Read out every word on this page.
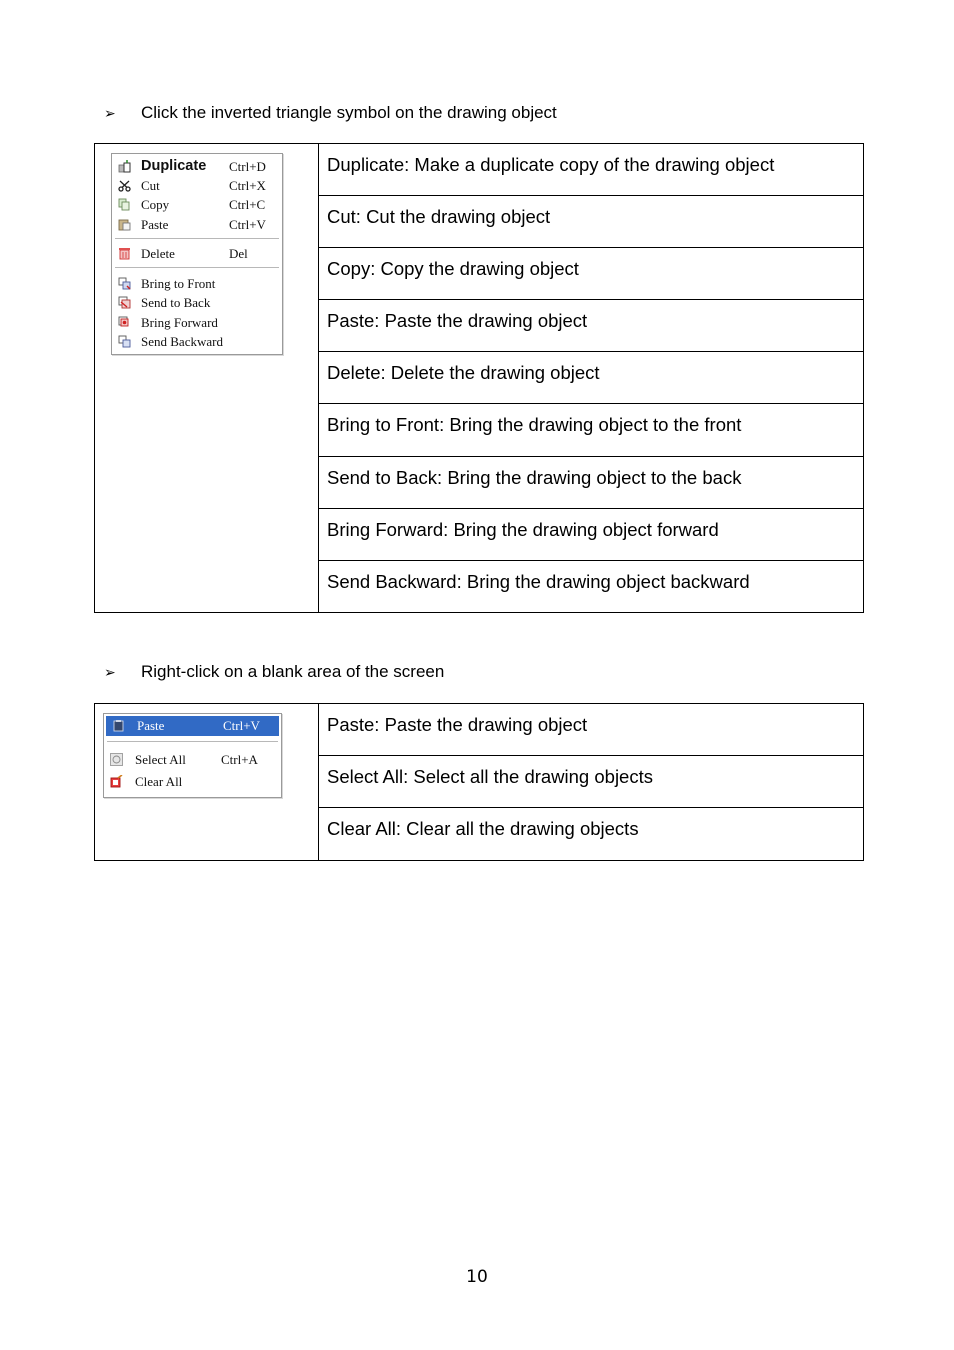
➢ Click the inverted triangle symbol on the drawing object
Duplicate Ctrl+D
Cut	Ctrl+X
Copy	Ctrl+C
Paste	Ctrl+V
Delete	Del
Bring to Front
Send to Back
Bring Forward
Send Backward
	Duplicate: Make a duplicate copy of the drawing object
Cut: Cut the drawing object
Copy: Copy the drawing object
Paste: Paste the drawing object
Delete: Delete the drawing object
Bring to Front: Bring the drawing object to the front
Send to Back: Bring the drawing object to the back
Bring Forward: Bring the drawing object forward
Send Backward: Bring the drawing object backward
➢ Right-click on a blank area of the screen
Paste	Ctrl+V
Select All	Ctrl+A
Clear All
	Paste: Paste the drawing object
Select All: Select all the drawing objects
Clear All: Clear all the drawing objects
10
